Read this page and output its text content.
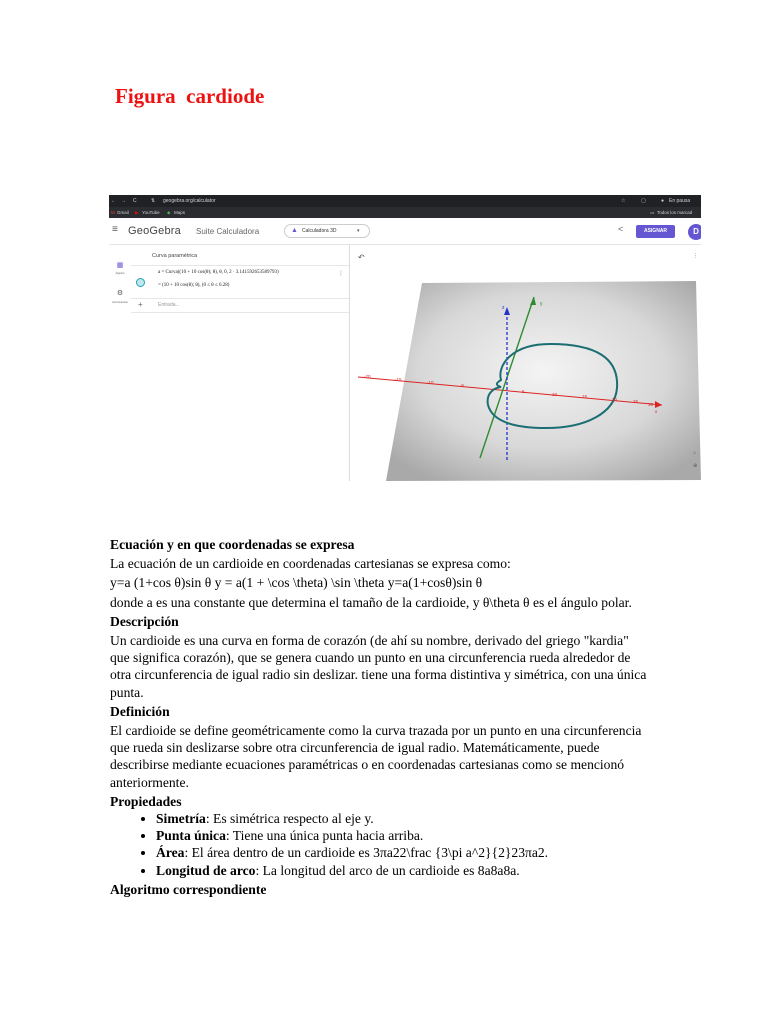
Figura  cardiode
← → C	⇅ geogebra.org/calculator	☆	▢	● En pausa
M Gmail ▶ YouTube ◆ Maps	▭ Todos los marcad
≡ GeoGebra Suite Calculadora	▲ Calculadora 3D	▾	<	ASIGNAR	D
▦
Álgebra
⚙
Herramientas
Curva paramétrica
a = Curva((10 + 10 cos(θ); θ), θ, 0, 2 · 3.141592653589793)
= (10 + 10 cos(θ); θ), (0 ≤ θ ≤ 6.28)
⋮
+	Entrada...
-20
-15
-10
-5
5
10	15
20	25
30
x
y
z
↶	⋮
⌂
⊕
Ecuación y en que coordenadas se expresa

La ecuación de un cardioide en coordenadas cartesianas se expresa como:

y=a (1+cos θ)sin θ y = a(1 + \cos \theta) \sin \theta y=a(1+cosθ)sin θ

donde a es una constante que determina el tamaño de la cardioide, y θ\theta θ es el ángulo polar.

Descripción

Un cardioide es una curva en forma de corazón (de ahí su nombre, derivado del griego "kardia" que significa corazón), que se genera cuando un punto en una circunferencia rueda alrededor de otra circunferencia de igual radio sin deslizar. tiene una forma distintiva y simétrica, con una única punta.

Definición

El cardioide se define geométricamente como la curva trazada por un punto en una circunferencia que rueda sin deslizarse sobre otra circunferencia de igual radio. Matemáticamente, puede describirse mediante ecuaciones paramétricas o en coordenadas cartesianas como se mencionó anteriormente.

Propiedades
• Simetría: Es simétrica respecto al eje y.
• Punta única: Tiene una única punta hacia arriba.
• Área: El área dentro de un cardioide es 3πa22\frac {3\pi a^2}{2}23πa2.
• Longitud de arco: La longitud del arco de un cardioide es 8a8a8a.
Algoritmo correspondiente
